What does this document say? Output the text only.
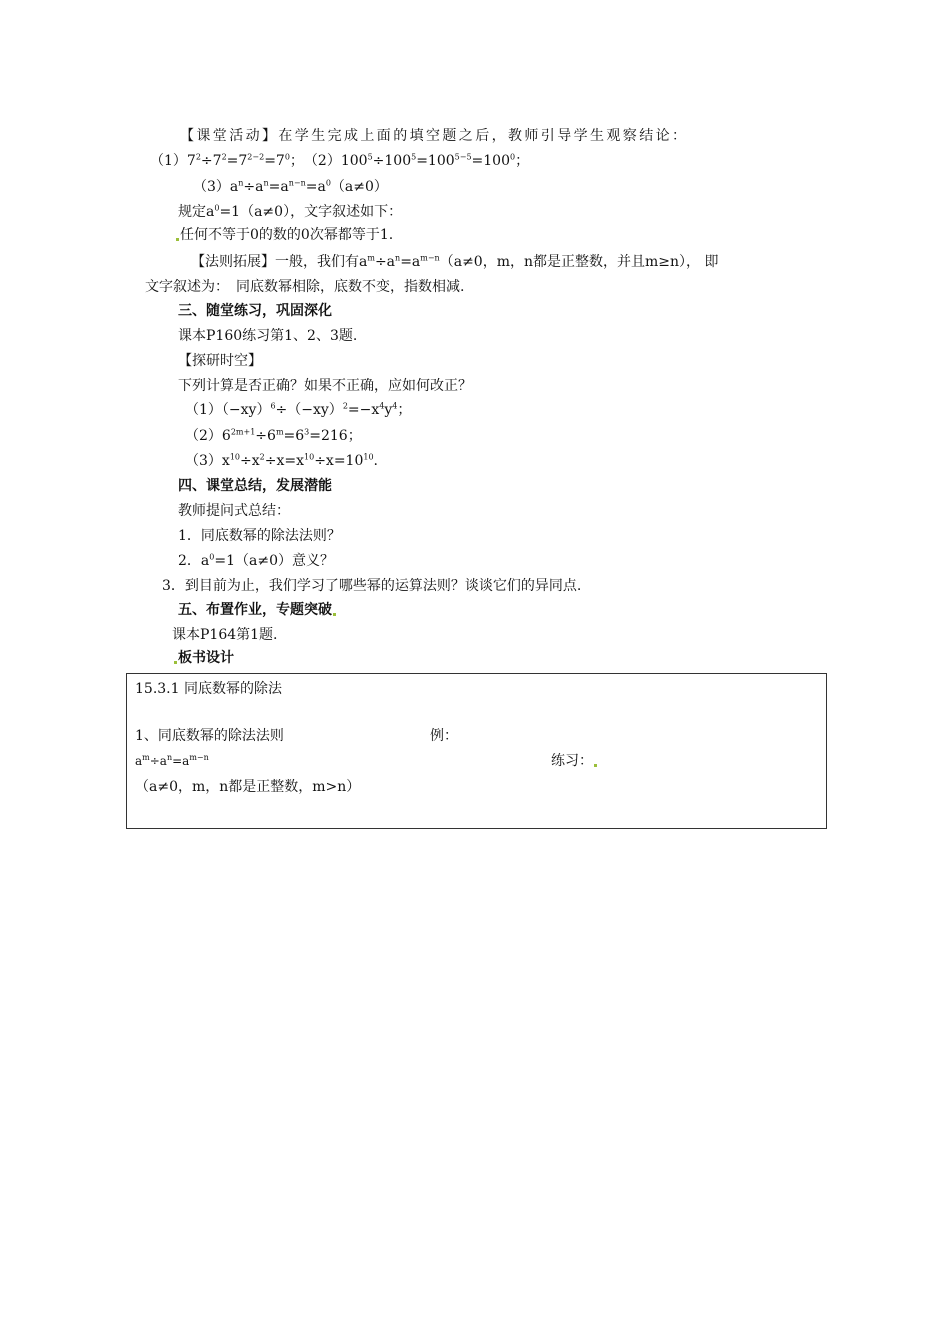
【课堂活动】在学生完成上面的填空题之后，教师引导学生观察结论：
$(1)7^2\div 7^2=7^{2-2}=7^0$；　$(2)100^5\div 100^5=100^{5-5}=100^0$；
$(3)a^n\div a^n=a^{n-n}=a^0(a\ne 0)$
规定$a^0=1(a\ne 0)$，文字叙述如下：
任何不等于0的数的0次幂都等于1.
【法则拓展】一般，我们有$a^m\div a^n=a^{m-n}(a\ne 0$，m，n都是正整数，并且m≥n）， 即
文字叙述为：　同底数幂相除，底数不变，指数相减.
三、随堂练习，巩固深化
课本P160练习第1、2、3题.
【探研时空】
下列计算是否正确？如果不正确，应如何改正？
$(1)(-xy)^6\div(-xy)^2=-x^4y^4$；
$(2)6^{2m+1}\div 6^m=6^3=216$；
$(3)x^{10}\div x^2\div x=x^{10}\div x=10^{10}$.
四、课堂总结，发展潜能
教师提问式总结：
1．同底数幂的除法法则？
2．$a^0=1(a\ne 0)$意义？
3．到目前为止，我们学习了哪些幂的运算法则？谈谈它们的异同点.
五、布置作业，专题突破
课本P164第1题.
板书设计
15.3.1 同底数幂的除法
1、同底数幂的除法法则	例：
$a^m\div a^n=a^{m-n}$	练习：
（a≠0，m，n都是正整数，m>n）
